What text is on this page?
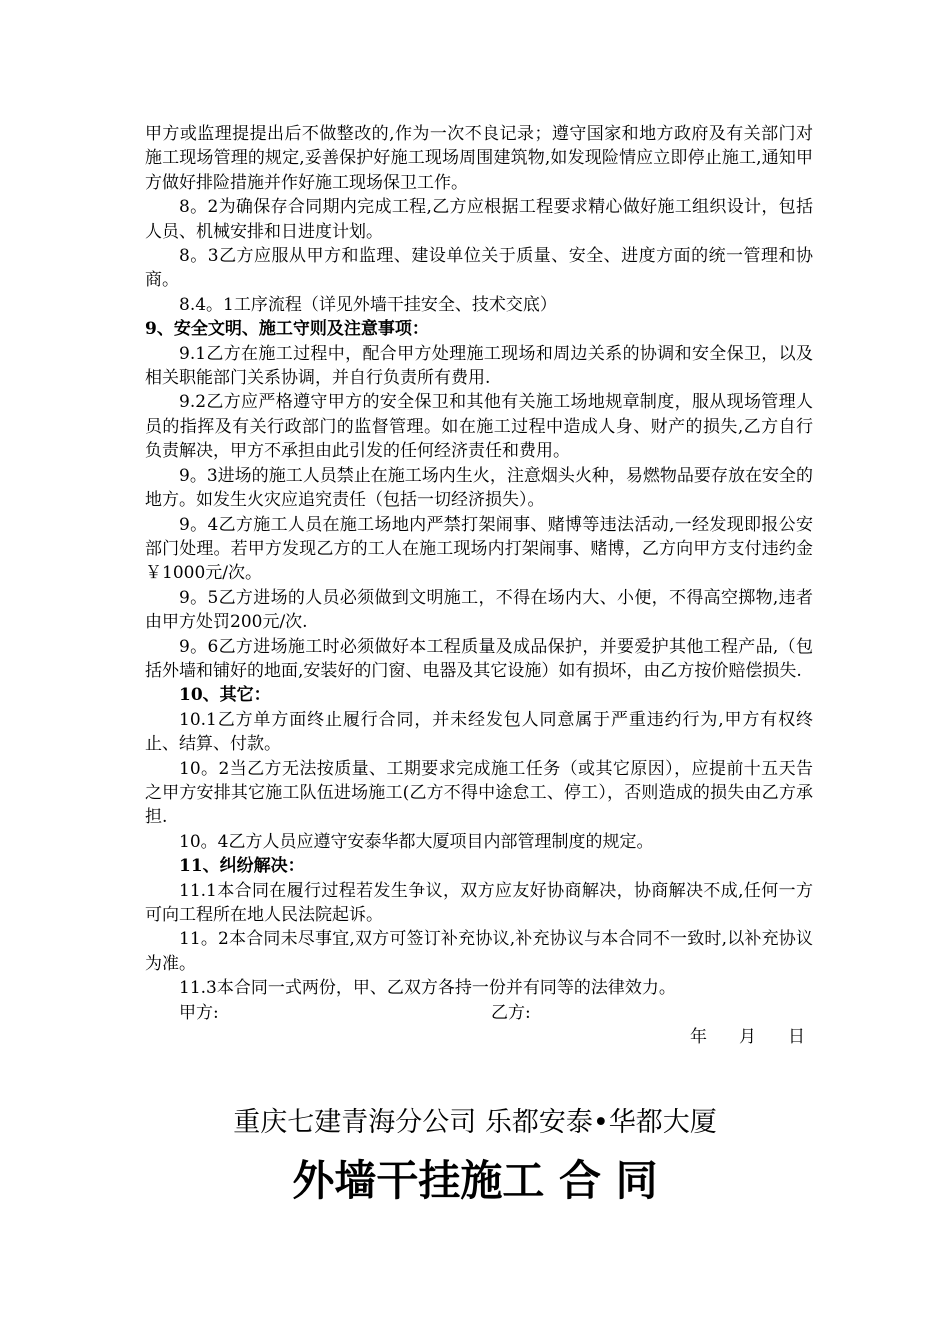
甲方或监理提提出后不做整改的,作为一次不良记录；遵守国家和地方政府及有关部门对施工现场管理的规定,妥善保护好施工现场周围建筑物,如发现险情应立即停止施工,通知甲方做好排险措施并作好施工现场保卫工作。

8。2为确保存合同期内完成工程,乙方应根据工程要求精心做好施工组织设计，包括人员、机械安排和日进度计划。

8。3乙方应服从甲方和监理、建设单位关于质量、安全、进度方面的统一管理和协商。

8.4。1工序流程（详见外墙干挂安全、技术交底）

9、安全文明、施工守则及注意事项：

9.1乙方在施工过程中，配合甲方处理施工现场和周边关系的协调和安全保卫，以及相关职能部门关系协调，并自行负责所有费用.

9.2乙方应严格遵守甲方的安全保卫和其他有关施工场地规章制度，服从现场管理人员的指挥及有关行政部门的监督管理。如在施工过程中造成人身、财产的损失,乙方自行负责解决，甲方不承担由此引发的任何经济责任和费用。

9。3进场的施工人员禁止在施工场内生火，注意烟头火种，易燃物品要存放在安全的地方。如发生火灾应追究责任（包括一切经济损失）。

9。4乙方施工人员在施工场地内严禁打架闹事、赌博等违法活动,一经发现即报公安部门处理。若甲方发现乙方的工人在施工现场内打架闹事、赌博，乙方向甲方支付违约金￥1000元/次。

9。5乙方进场的人员必须做到文明施工，不得在场内大、小便，不得高空掷物,违者由甲方处罚200元/次.

9。6乙方进场施工时必须做好本工程质量及成品保护，并要爱护其他工程产品,（包括外墙和铺好的地面,安装好的门窗、电器及其它设施）如有损坏，由乙方按价赔偿损失.

10、其它：

10.1乙方单方面终止履行合同，并未经发包人同意属于严重违约行为,甲方有权终止、结算、付款。

10。2当乙方无法按质量、工期要求完成施工任务（或其它原因），应提前十五天告之甲方安排其它施工队伍进场施工(乙方不得中途怠工、停工），否则造成的损失由乙方承担.

10。4乙方人员应遵守安泰华都大厦项目内部管理制度的规定。

11、纠纷解决：

11.1本合同在履行过程若发生争议，双方应友好协商解决，协商解决不成,任何一方可向工程所在地人民法院起诉。

11。2本合同未尽事宜,双方可签订补充协议,补充协议与本合同不一致时,以补充协议为准。

11.3本合同一式两份，甲、乙双方各持一份并有同等的法律效力。

甲方:	乙方:
年 月 日
重庆七建青海分公司 乐都安泰•华都大厦
外墙干挂施工 合 同
